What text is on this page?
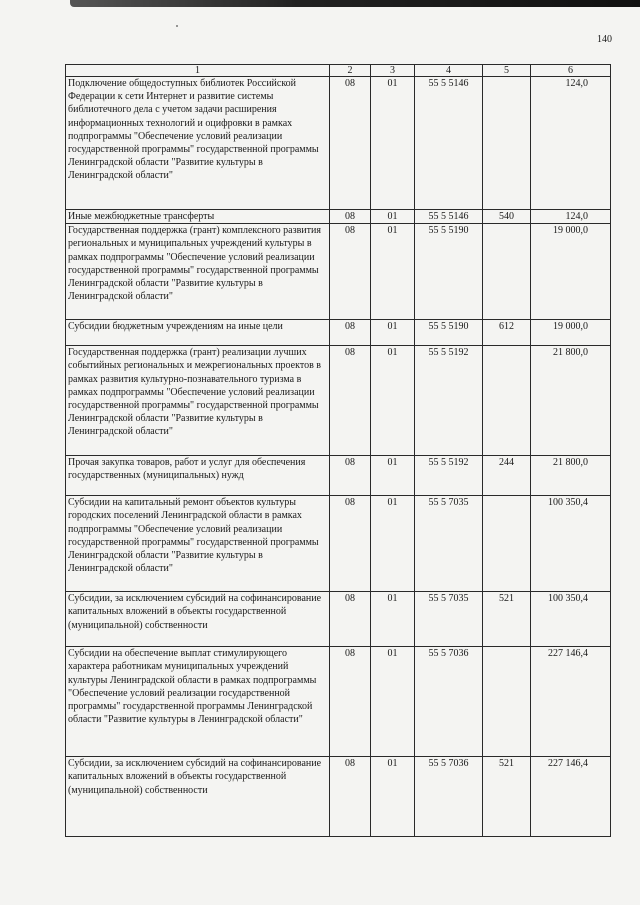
140
1	2	3	4	5	6
Подключение общедоступных библиотек Российской Федерации к сети Интернет и развитие системы библиотечного дела с учетом задачи расширения информационных технологий и оцифровки в рамках подпрограммы "Обеспечение условий реализации государственной программы" государственной программы Ленинградской области "Развитие культуры в Ленинградской области"	08	01	55 5 5146		124,0
Иные межбюджетные трансферты	08	01	55 5 5146	540	124,0
Государственная поддержка (грант) комплексного развития региональных и муниципальных учреждений культуры в рамках подпрограммы "Обеспечение условий реализации государственной программы" государственной программы Ленинградской области "Развитие культуры в Ленинградской области"	08	01	55 5 5190		19 000,0
Субсидии бюджетным учреждениям на иные цели	08	01	55 5 5190	612	19 000,0
Государственная поддержка (грант) реализации лучших событийных региональных и межрегиональных проектов в рамках развития культурно-познавательного туризма в рамках подпрограммы "Обеспечение условий реализации государственной программы" государственной программы Ленинградской области "Развитие культуры в Ленинградской области"	08	01	55 5 5192		21 800,0
Прочая закупка товаров, работ и услуг для обеспечения государственных (муниципальных) нужд	08	01	55 5 5192	244	21 800,0
Субсидии на капитальный ремонт объектов культуры городских поселений Ленинградской области в рамках подпрограммы "Обеспечение условий реализации государственной программы" государственной программы Ленинградской области "Развитие культуры в Ленинградской области"	08	01	55 5 7035		100 350,4
Субсидии, за исключением субсидий на софинансирование капитальных вложений в объекты государственной (муниципальной) собственности	08	01	55 5 7035	521	100 350,4
Субсидии на обеспечение выплат стимулирующего характера работникам муниципальных учреждений культуры Ленинградской области в рамках подпрограммы "Обеспечение условий реализации государственной программы" государственной программы Ленинградской области "Развитие культуры в Ленинградской области"	08	01	55 5 7036		227 146,4
Субсидии, за исключением субсидий на софинансирование капитальных вложений в объекты государственной (муниципальной) собственности	08	01	55 5 7036	521	227 146,4
